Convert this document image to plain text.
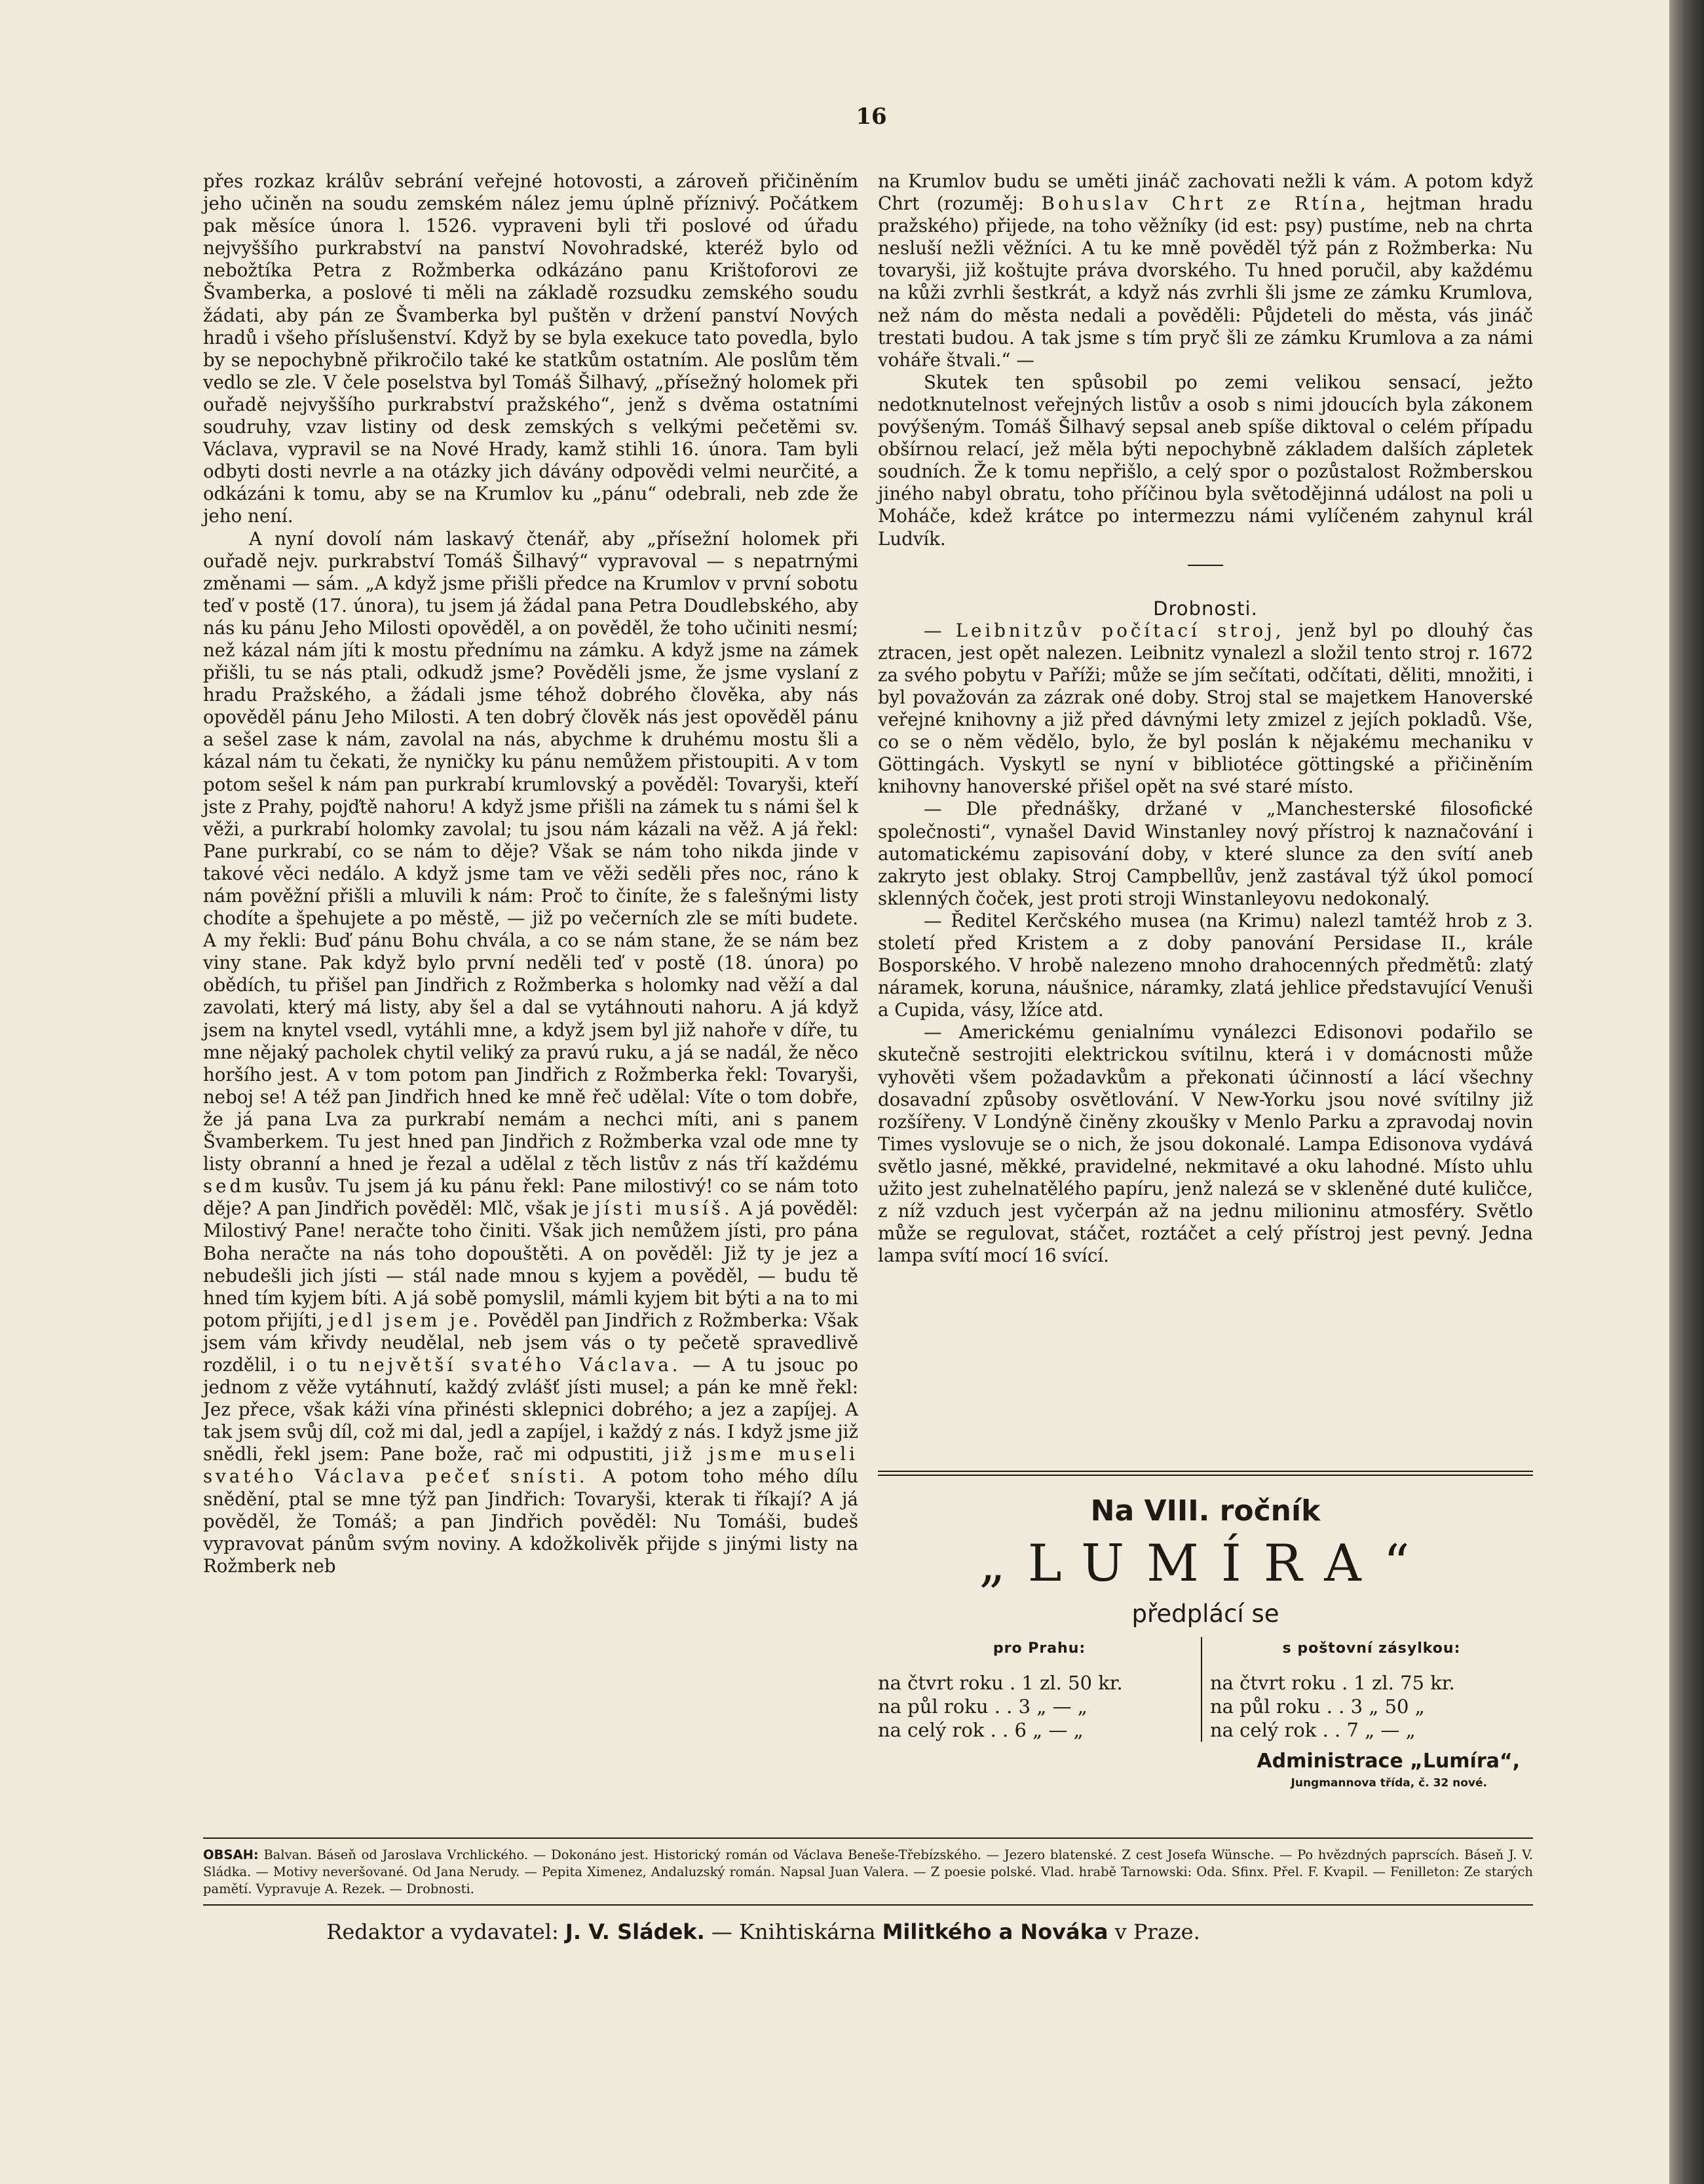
16

přes rozkaz králův sebrání veřejné hotovosti, a zároveň přičiněním jeho učiněn na soudu zemském nález jemu úplně příznivý. Počátkem pak měsíce února l. 1526. vypraveni byli tři poslové od úřadu nejvyššího purkrabství na panství Novohradské, kteréž bylo od nebožtíka Petra z Rožmberka odkázáno panu Krištoforovi ze Švamberka, a poslové ti měli na základě rozsudku zemského soudu žádati, aby pán ze Švamberka byl puštěn v držení panství Nových hradů i všeho příslušenství. Když by se byla exekuce tato povedla, bylo by se nepochybně přikročilo také ke statkům ostatním. Ale poslům těm vedlo se zle. V čele poselstva byl Tomáš Šilhavý, „přísežný holomek při ouřadě nejvyššího purkrabství pražského“, jenž s dvěma ostatními soudruhy, vzav listiny od desk zemských s velkými pečetěmi sv. Václava, vypravil se na Nové Hrady, kamž stihli 16. února. Tam byli odbyti dosti nevrle a na otázky jich dávány odpovědi velmi neurčité, a odkázáni k tomu, aby se na Krumlov ku „pánu“ odebrali, neb zde že jeho není.

A nyní dovolí nám laskavý čtenář, aby „přísežní holomek při ouřadě nejv. purkrabství Tomáš Šilhavý“ vypravoval — s nepatrnými změnami — sám. „A když jsme přišli předce na Krumlov v první sobotu teď v postě (17. února), tu jsem já žádal pana Petra Doudlebského, aby nás ku pánu Jeho Milosti opověděl, a on pověděl, že toho učiniti nesmí; než kázal nám jíti k mostu přednímu na zámku. A když jsme na zámek přišli, tu se nás ptali, odkudž jsme? Pověděli jsme, že jsme vyslaní z hradu Pražského, a žádali jsme téhož dobrého člověka, aby nás opověděl pánu Jeho Milosti. A ten dobrý člověk nás jest opověděl pánu a sešel zase k nám, zavolal na nás, abychme k druhému mostu šli a kázal nám tu čekati, že nyničky ku pánu nemůžem přistoupiti. A v tom potom sešel k nám pan purkrabí krumlovský a pověděl: Tovaryši, kteří jste z Prahy, pojďtě nahoru! A když jsme přišli na zámek tu s námi šel k věži, a purkrabí holomky zavolal; tu jsou nám kázali na věž. A já řekl: Pane purkrabí, co se nám to děje? Však se nám toho nikda jinde v takové věci nedálo. A když jsme tam ve věži seděli přes noc, ráno k nám pověžní přišli a mluvili k nám: Proč to činíte, že s falešnými listy chodíte a špehujete a po městě, — již po večerních zle se míti budete. A my řekli: Buď pánu Bohu chvála, a co se nám stane, že se nám bez viny stane. Pak když bylo první neděli teď v postě (18. února) po obědích, tu přišel pan Jindřich z Rožmberka s holomky nad věží a dal zavolati, který má listy, aby šel a dal se vytáhnouti nahoru. A já když jsem na knytel vsedl, vytáhli mne, a když jsem byl již nahoře v díře, tu mne nějaký pacholek chytil veliký za pravú ruku, a já se nadál, že něco horšího jest. A v tom potom pan Jindřich z Rožmberka řekl: Tovaryši, neboj se! A též pan Jindřich hned ke mně řeč udělal: Víte o tom dobře, že já pana Lva za purkrabí nemám a nechci míti, ani s panem Švamberkem. Tu jest hned pan Jindřich z Rožmberka vzal ode mne ty listy obranní a hned je řezal a udělal z těch listův z nás tří každému sedm kusův. Tu jsem já ku pánu řekl: Pane milostivý! co se nám toto děje? A pan Jindřich pověděl: Mlč, však je jísti musíš. A já pověděl: Milostivý Pane! neračte toho činiti. Však jich nemůžem jísti, pro pána Boha neračte na nás toho dopouštěti. A on pověděl: Již ty je jez a nebudešli jich jísti — stál nade mnou s kyjem a pověděl, — budu tě hned tím kyjem bíti. A já sobě pomyslil, mámli kyjem bit býti a na to mi potom přijíti, jedl jsem je. Pověděl pan Jindřich z Rožmberka: Však jsem vám křivdy neudělal, neb jsem vás o ty pečetě spravedlivě rozdělil, i o tu největší svatého Václava. — A tu jsouc po jednom z věže vytáhnutí, každý zvlášť jísti musel; a pán ke mně řekl: Jez přece, však káži vína přinésti sklepnici dobrého; a jez a zapíjej. A tak jsem svůj díl, což mi dal, jedl a zapíjel, i každý z nás. I když jsme již snědli, řekl jsem: Pane bože, rač mi odpustiti, již jsme museli svatého Václava pečeť snísti. A potom toho mého dílu snědění, ptal se mne týž pan Jindřich: Tovaryši, kterak ti říkají? A já pověděl, že Tomáš; a pan Jindřich pověděl: Nu Tomáši, budeš vypravovat pánům svým noviny. A kdožkolivěk přijde s jinými listy na Rožmberk neb

na Krumlov budu se uměti jináč zachovati nežli k vám. A potom když Chrt (rozuměj: Bohuslav Chrt ze Rtína, hejtman hradu pražského) přijede, na toho věžníky (id est: psy) pustíme, neb na chrta nesluší nežli věžníci. A tu ke mně pověděl týž pán z Rožmberka: Nu tovaryši, již koštujte práva dvorského. Tu hned poručil, aby každému na kůži zvrhli šestkrát, a když nás zvrhli šli jsme ze zámku Krumlova, než nám do města nedali a pověděli: Půjdeteli do města, vás jináč trestati budou. A tak jsme s tím pryč šli ze zámku Krumlova a za námi voháře štvali.“ —

Skutek ten spůsobil po zemi velikou sensací, ježto nedotknutelnost veřejných listův a osob s nimi jdoucích byla zákonem povýšeným. Tomáš Šilhavý sepsal aneb spíše diktoval o celém případu obšírnou relací, jež měla býti nepochybně základem dalších zápletek soudních. Že k tomu nepřišlo, a celý spor o pozůstalost Rožmberskou jiného nabyl obratu, toho příčinou byla světodějinná událost na poli u Moháče, kdež krátce po intermezzu námi vylíčeném zahynul král Ludvík.

Drobnosti.

— Leibnitzův počítací stroj, jenž byl po dlouhý čas ztracen, jest opět nalezen. Leibnitz vynalezl a složil tento stroj r. 1672 za svého pobytu v Paříži; může se jím sečítati, odčítati, děliti, množiti, i byl považován za zázrak oné doby. Stroj stal se majetkem Hanoverské veřejné knihovny a již před dávnými lety zmizel z jejích pokladů. Vše, co se o něm vědělo, bylo, že byl poslán k nějakému mechaniku v Göttingách. Vyskytl se nyní v bibliotéce göttingské a přičiněním knihovny hanoverské přišel opět na své staré místo.

— Dle přednášky, držané v „Manchesterské filosofické společnosti“, vynašel David Winstanley nový přístroj k naznačování i automatickému zapisování doby, v které slunce za den svítí aneb zakryto jest oblaky. Stroj Campbellův, jenž zastával týž úkol pomocí sklenných čoček, jest proti stroji Winstanleyovu nedokonalý.

— Ředitel Kerčského musea (na Krimu) nalezl tamtéž hrob z 3. století před Kristem a z doby panování Persidase II., krále Bosporského. V hrobě nalezeno mnoho drahocenných předmětů: zlatý náramek, koruna, náušnice, náramky, zlatá jehlice představující Venuši a Cupida, vásy, lžíce atd.

— Americkému genialnímu vynálezci Edisonovi podařilo se skutečně sestrojiti elektrickou svítilnu, která i v domácnosti může vyhověti všem požadavkům a překonati účinností a lácí všechny dosavadní způsoby osvětlování. V New-Yorku jsou nové svítilny již rozšířeny. V Londýně činěny zkoušky v Menlo Parku a zpravodaj novin Times vyslovuje se o nich, že jsou dokonalé. Lampa Edisonova vydává světlo jasné, měkké, pravidelné, nekmitavé a oku lahodné. Místo uhlu užito jest zuhelnatělého papíru, jenž nalezá se v skleněné duté kuličce, z níž vzduch jest vyčerpán až na jednu milioninu atmosféry. Světlo může se regulovat, stáčet, roztáčet a celý přístroj jest pevný. Jedna lampa svítí mocí 16 svící.

Na VIII. ročník
„LUMÍRA“
předplácí se
pro Prahu:
na čtvrt roku . 1 zl. 50 kr.
na půl roku . . 3 „ — „
na celý rok . . 6 „ — „
s poštovní zásylkou:
na čtvrt roku . 1 zl. 75 kr.
na půl roku . . 3 „ 50 „
na celý rok . . 7 „ — „
Administrace „Lumíra“,
Jungmannova třída, č. 32 nové.
OBSAH: Balvan. Báseň od Jaroslava Vrchlického. — Dokonáno jest. Historický román od Václava Beneše-Třebízského. — Jezero blatenské. Z cest Josefa Wünsche. — Po hvězdných paprscích. Báseň J. V. Sládka. — Motivy neveršované. Od Jana Nerudy. — Pepita Ximenez, Andaluzský román. Napsal Juan Valera. — Z poesie polské. Vlad. hrabě Tarnowski: Oda. Sfinx. Přel. F. Kvapil. — Fenilleton: Ze starých pamětí. Vypravuje A. Rezek. — Drobnosti.
Redaktor a vydavatel: J. V. Sládek. — Knihtiskárna Militkého a Nováka v Praze.
